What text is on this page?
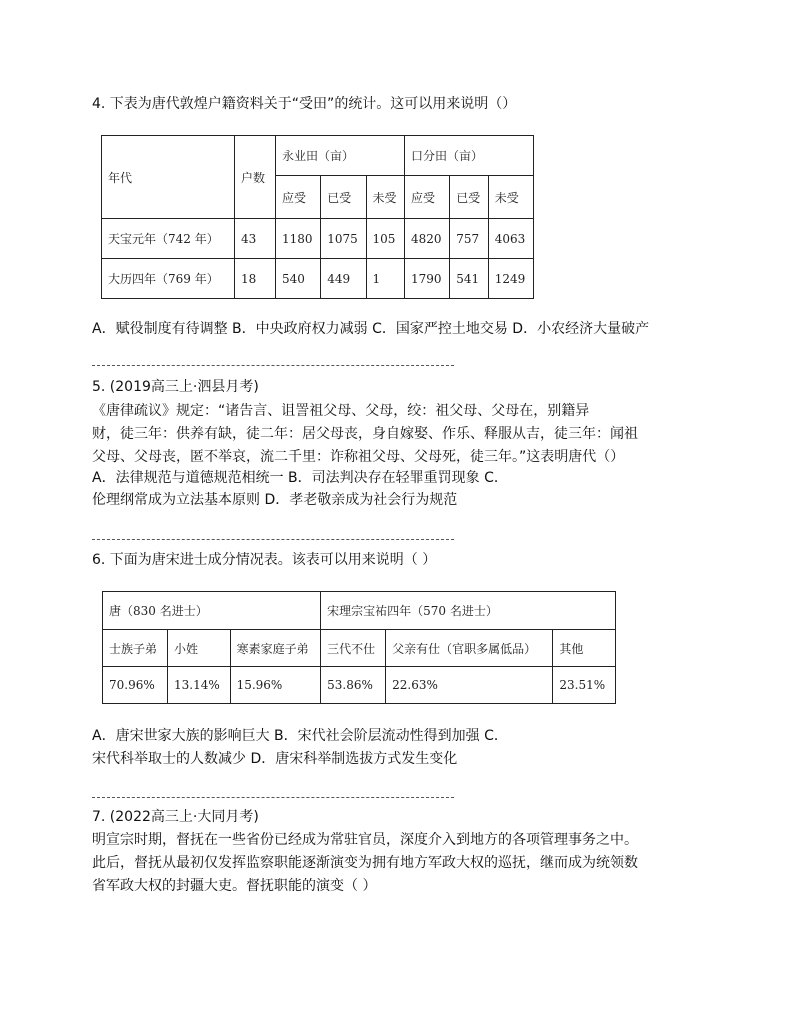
4. 下表为唐代敦煌户籍资料关于“受田”的统计。这可以用来说明（）
年代	户数	永业田（亩）			口分田（亩）		
		应受	已受	未受	应受	已受	未受
天宝元年（742 年）	43	1180	1075	105	4820	757	4063
大历四年（769 年）	18	540	449	1	1790	541	1249
A．赋役制度有待调整 B．中央政府权力减弱 C．国家严控土地交易 D．小农经济大量破产
5. (2019高三上·泗县月考)
《唐律疏议》规定：“诸告言、诅詈祖父母、父母，绞：祖父母、父母在，别籍异
财，徒三年：供养有缺，徒二年：居父母丧，身自嫁娶、作乐、释服从吉，徒三年：闻祖
父母、父母丧，匿不举哀，流二千里：诈称祖父母、父母死，徒三年。”这表明唐代（）
A．法律规范与道德规范相统一 B．司法判决存在轻罪重罚现象 C．
伦理纲常成为立法基本原则 D．孝老敬亲成为社会行为规范
6. 下面为唐宋进士成分情况表。该表可以用来说明（ ）
唐（830 名进士）			宋理宗宝祐四年（570 名进士）		
士族子弟	小姓	寒素家庭子弟	三代不仕	父亲有仕（官职多属低品）	其他
70.96%	13.14%	15.96%	53.86%	22.63%	23.51%
A．唐宋世家大族的影响巨大 B．宋代社会阶层流动性得到加强 C．
宋代科举取士的人数减少 D．唐宋科举制选拔方式发生变化
7. (2022高三上·大同月考)
明宣宗时期，督抚在一些省份已经成为常驻官员，深度介入到地方的各项管理事务之中。
此后，督抚从最初仅发挥监察职能逐渐演变为拥有地方军政大权的巡抚，继而成为统领数
省军政大权的封疆大吏。督抚职能的演变（ ）
